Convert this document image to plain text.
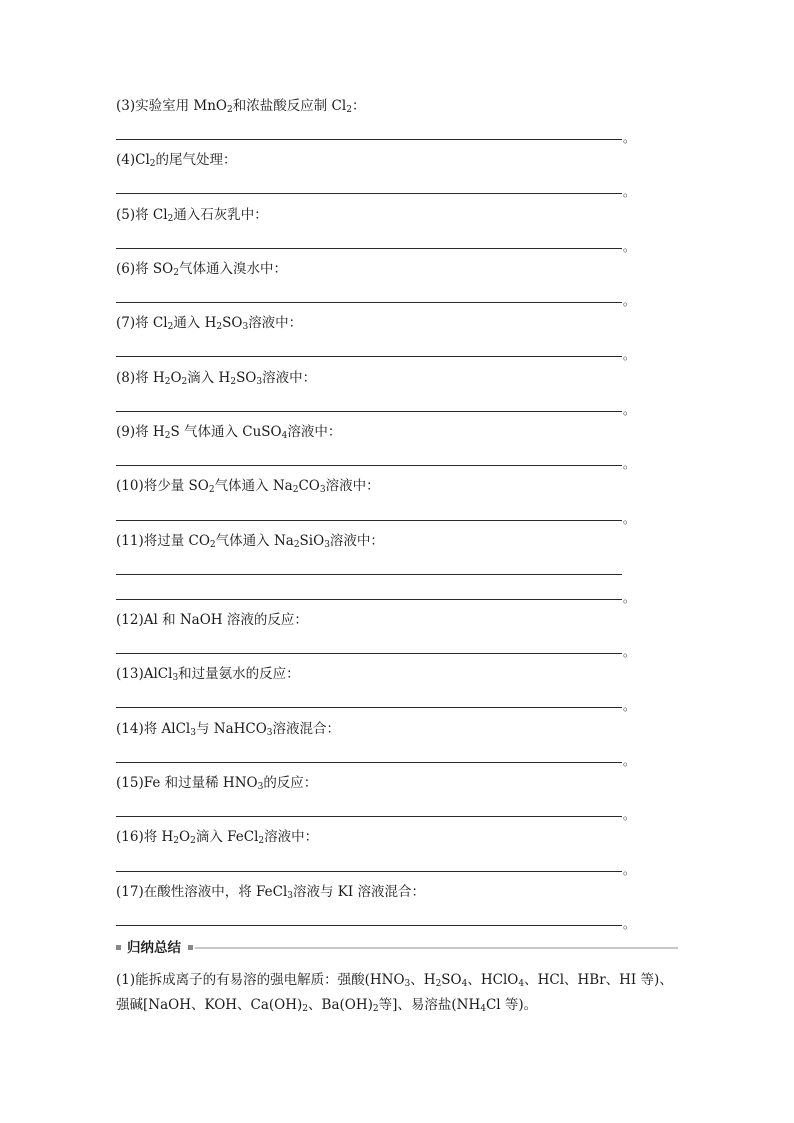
(3)实验室用 MnO$_2$和浓盐酸反应制 $Cl_2$：
。
$(4)Cl_2$的尾气处理：
。
(5)将 $Cl_2$通入石灰乳中：
。
(6)将 $SO_2$气体通入溴水中：
。
(7)将 $Cl_2$通入 $H_2SO_3$溶液中：
。
(8)将 $H_2O_2$滴入 $H_2SO_3$溶液中：
。
(9)将 $H_2S$ 气体通入 CuSO$_4$溶液中：
。
(10)将少量 $SO_2$气体通入 $Na_2CO_3$溶液中：
。
(11)将过量 $CO_2$气体通入 $Na_2SiO_3$溶液中：
。
(12)Al 和 NaOH 溶液的反应：
。
(13)AlCl$_3$和过量氨水的反应：
。
(14)将 AlCl$_3$与 NaHCO$_3$溶液混合：
。
(15)Fe 和过量稀 $HNO_3$的反应：
。
(16)将 $H_2O_2$滴入 FeCl$_2$溶液中：
。
(17)在酸性溶液中，将 FeCl$_3$溶液与 KI 溶液混合：
。
归纳总结
(1)能拆成离子的有易溶的强电解质：强酸($HNO_3$、$H_2SO_4$、HClO$_4$、HCl、HBr、HI 等)、强碱[NaOH、KOH、$Ca(OH)_2$、$Ba(OH)_2$等]、易溶盐($NH_4Cl$ 等)。
